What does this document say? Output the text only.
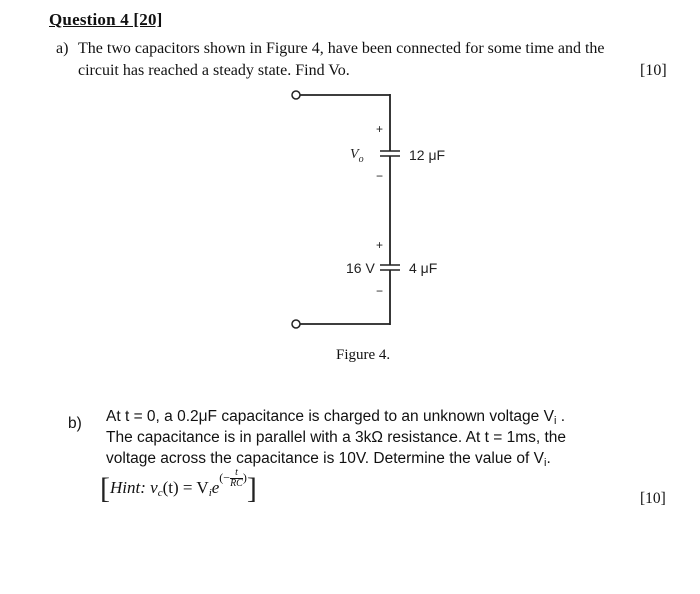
Question 4 [20]
a) The two capacitors shown in Figure 4, have been connected for some time and the
circuit has reached a steady state. Find Vo.	[10]
+
−
$V_o$	12 μF
+
−
16 V 4 μF
Figure 4.
b) At t = 0, a 0.2μF capacitance is charged to an unknown voltage $V_i$ .
The capacitance is in parallel with a 3kΩ resistance. At t = 1ms, the
voltage across the capacitance is 10V. Determine the value of $V_i$.
[Hint: $v_c(t) = V_ie(- \frac{t}{RC}$ )]	[10]
